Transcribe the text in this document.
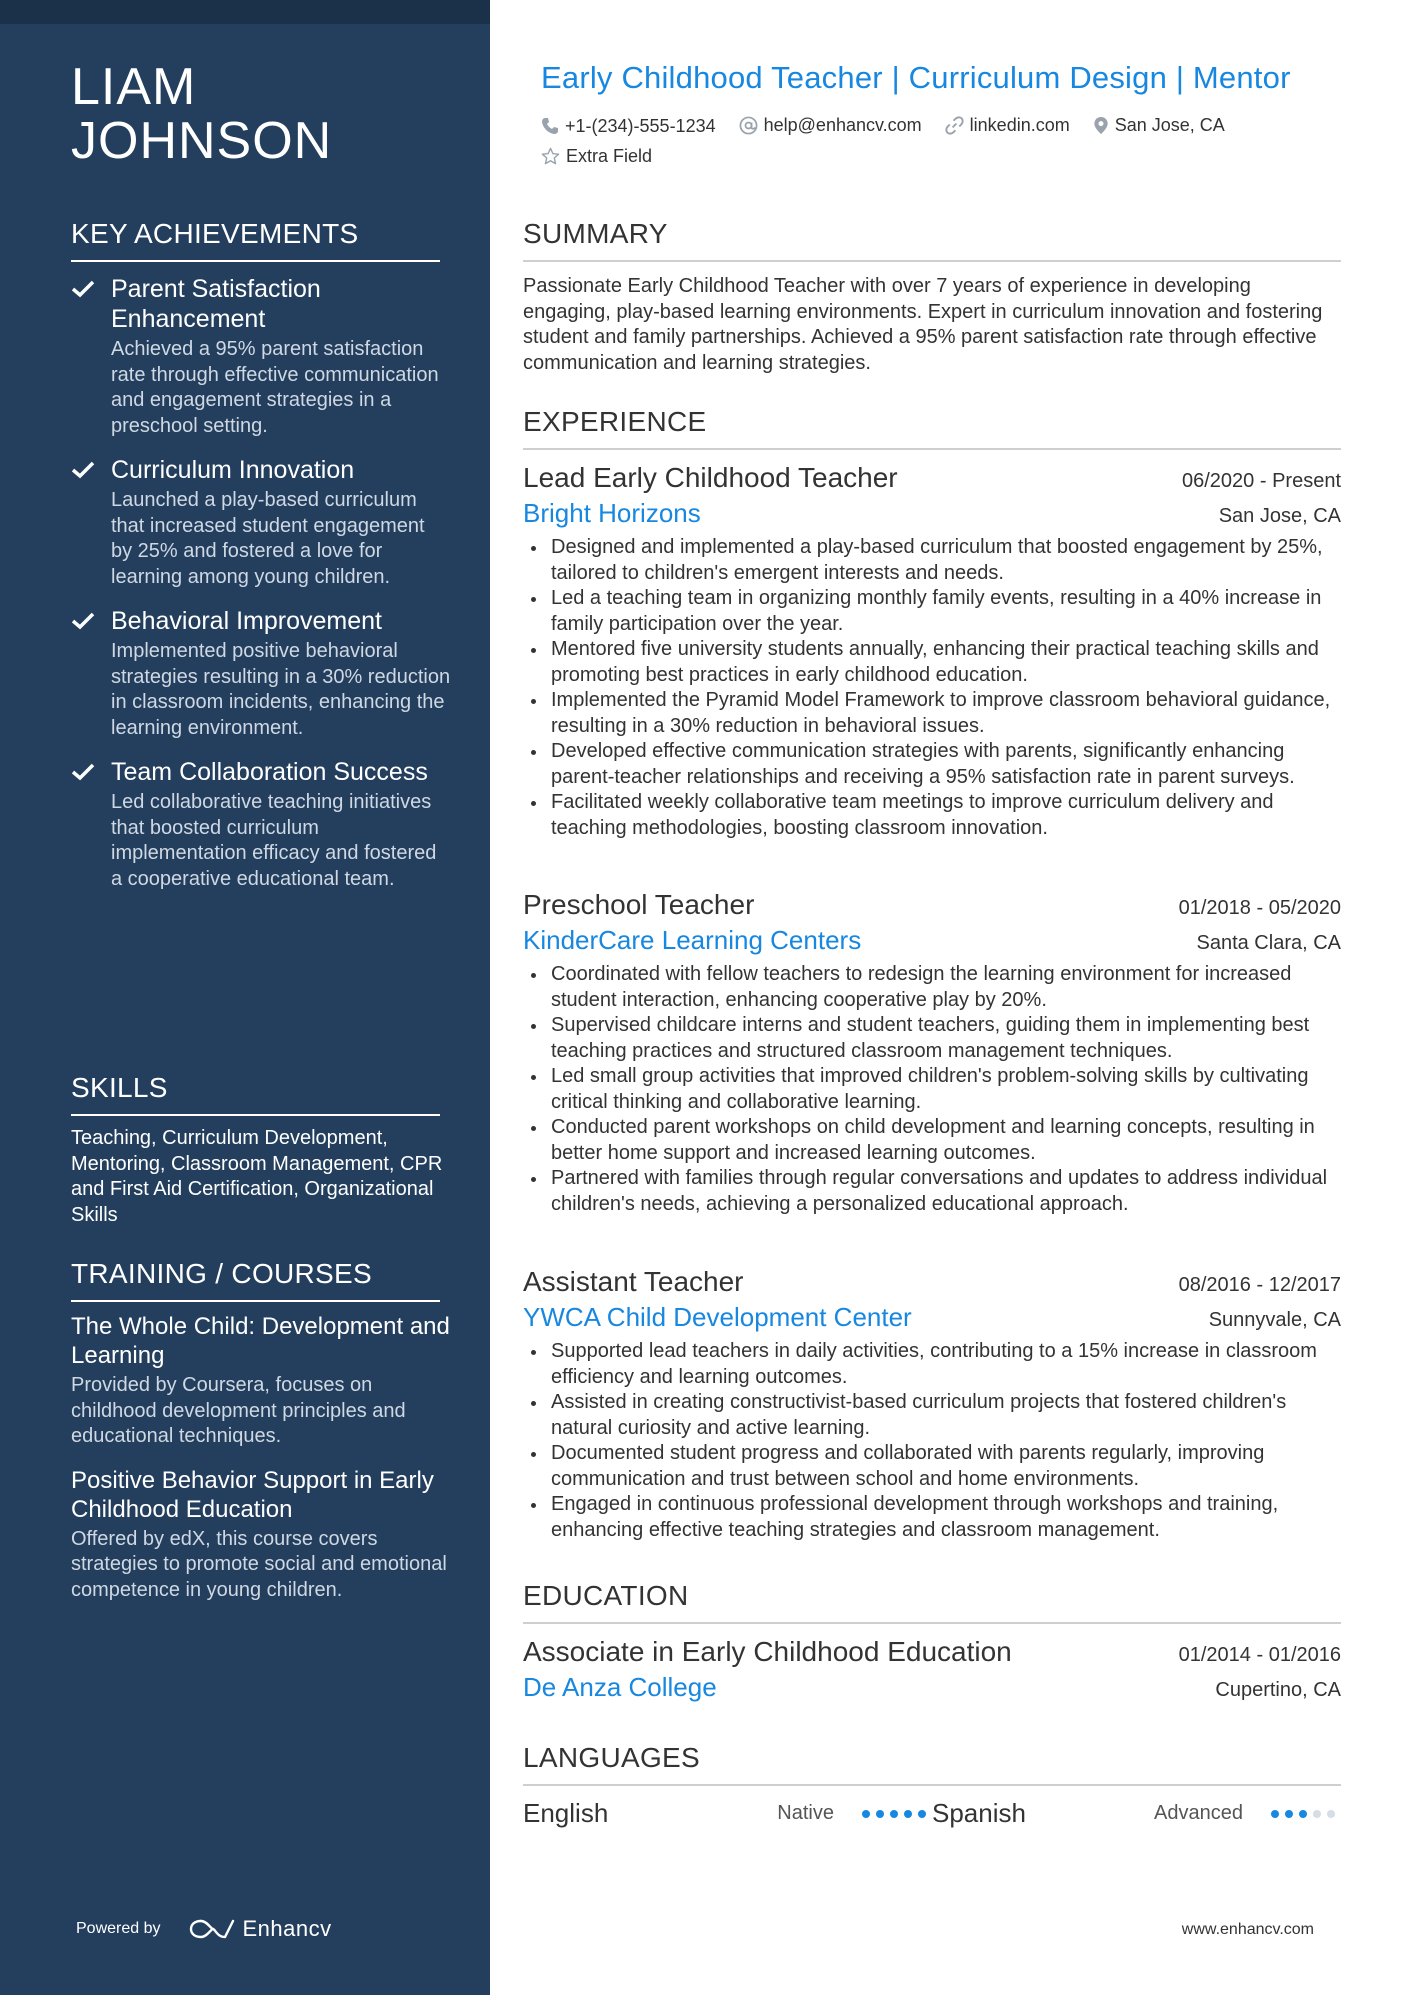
LIAM
JOHNSON
KEY ACHIEVEMENTS
Parent Satisfaction Enhancement
Achieved a 95% parent satisfaction rate through effective communication and engagement strategies in a preschool setting.
Curriculum Innovation
Launched a play-based curriculum that increased student engagement by 25% and fostered a love for learning among young children.
Behavioral Improvement
Implemented positive behavioral strategies resulting in a 30% reduction in classroom incidents, enhancing the learning environment.
Team Collaboration Success
Led collaborative teaching initiatives that boosted curriculum implementation efficacy and fostered a cooperative educational team.
SKILLS
Teaching, Curriculum Development, Mentoring, Classroom Management, CPR and First Aid Certification, Organizational Skills
TRAINING / COURSES
The Whole Child: Development and Learning
Provided by Coursera, focuses on childhood development principles and educational techniques.
Positive Behavior Support in Early Childhood Education
Offered by edX, this course covers strategies to promote social and emotional competence in young children.
Powered by	Enhancv
Early Childhood Teacher | Curriculum Design | Mentor
+1-(234)-555-1234
	help@enhancv.com
	linkedin.com
	San Jose, CA

Extra Field
SUMMARY
Passionate Early Childhood Teacher with over 7 years of experience in developing engaging, play-based learning environments. Expert in curriculum innovation and fostering student and family partnerships. Achieved a 95% parent satisfaction rate through effective communication and learning strategies.
EXPERIENCE
Lead Early Childhood Teacher	06/2020 - Present
Bright Horizons	San Jose, CA
Designed and implemented a play-based curriculum that boosted engagement by 25%, tailored to children's emergent interests and needs.
Led a teaching team in organizing monthly family events, resulting in a 40% increase in family participation over the year.
Mentored five university students annually, enhancing their practical teaching skills and promoting best practices in early childhood education.
Implemented the Pyramid Model Framework to improve classroom behavioral guidance, resulting in a 30% reduction in behavioral issues.
Developed effective communication strategies with parents, significantly enhancing parent-teacher relationships and receiving a 95% satisfaction rate in parent surveys.
Facilitated weekly collaborative team meetings to improve curriculum delivery and teaching methodologies, boosting classroom innovation.
Preschool Teacher	01/2018 - 05/2020
KinderCare Learning Centers	Santa Clara, CA
Coordinated with fellow teachers to redesign the learning environment for increased student interaction, enhancing cooperative play by 20%.
Supervised childcare interns and student teachers, guiding them in implementing best teaching practices and structured classroom management techniques.
Led small group activities that improved children's problem-solving skills by cultivating critical thinking and collaborative learning.
Conducted parent workshops on child development and learning concepts, resulting in better home support and increased learning outcomes.
Partnered with families through regular conversations and updates to address individual children's needs, achieving a personalized educational approach.
Assistant Teacher	08/2016 - 12/2017
YWCA Child Development Center	Sunnyvale, CA
Supported lead teachers in daily activities, contributing to a 15% increase in classroom efficiency and learning outcomes.
Assisted in creating constructivist-based curriculum projects that fostered children's natural curiosity and active learning.
Documented student progress and collaborated with parents regularly, improving communication and trust between school and home environments.
Engaged in continuous professional development through workshops and training, enhancing effective teaching strategies and classroom management.
EDUCATION
Associate in Early Childhood Education	01/2014 - 01/2016
De Anza College	Cupertino, CA
LANGUAGES
English	Native	Spanish	Advanced
www.enhancv.com
